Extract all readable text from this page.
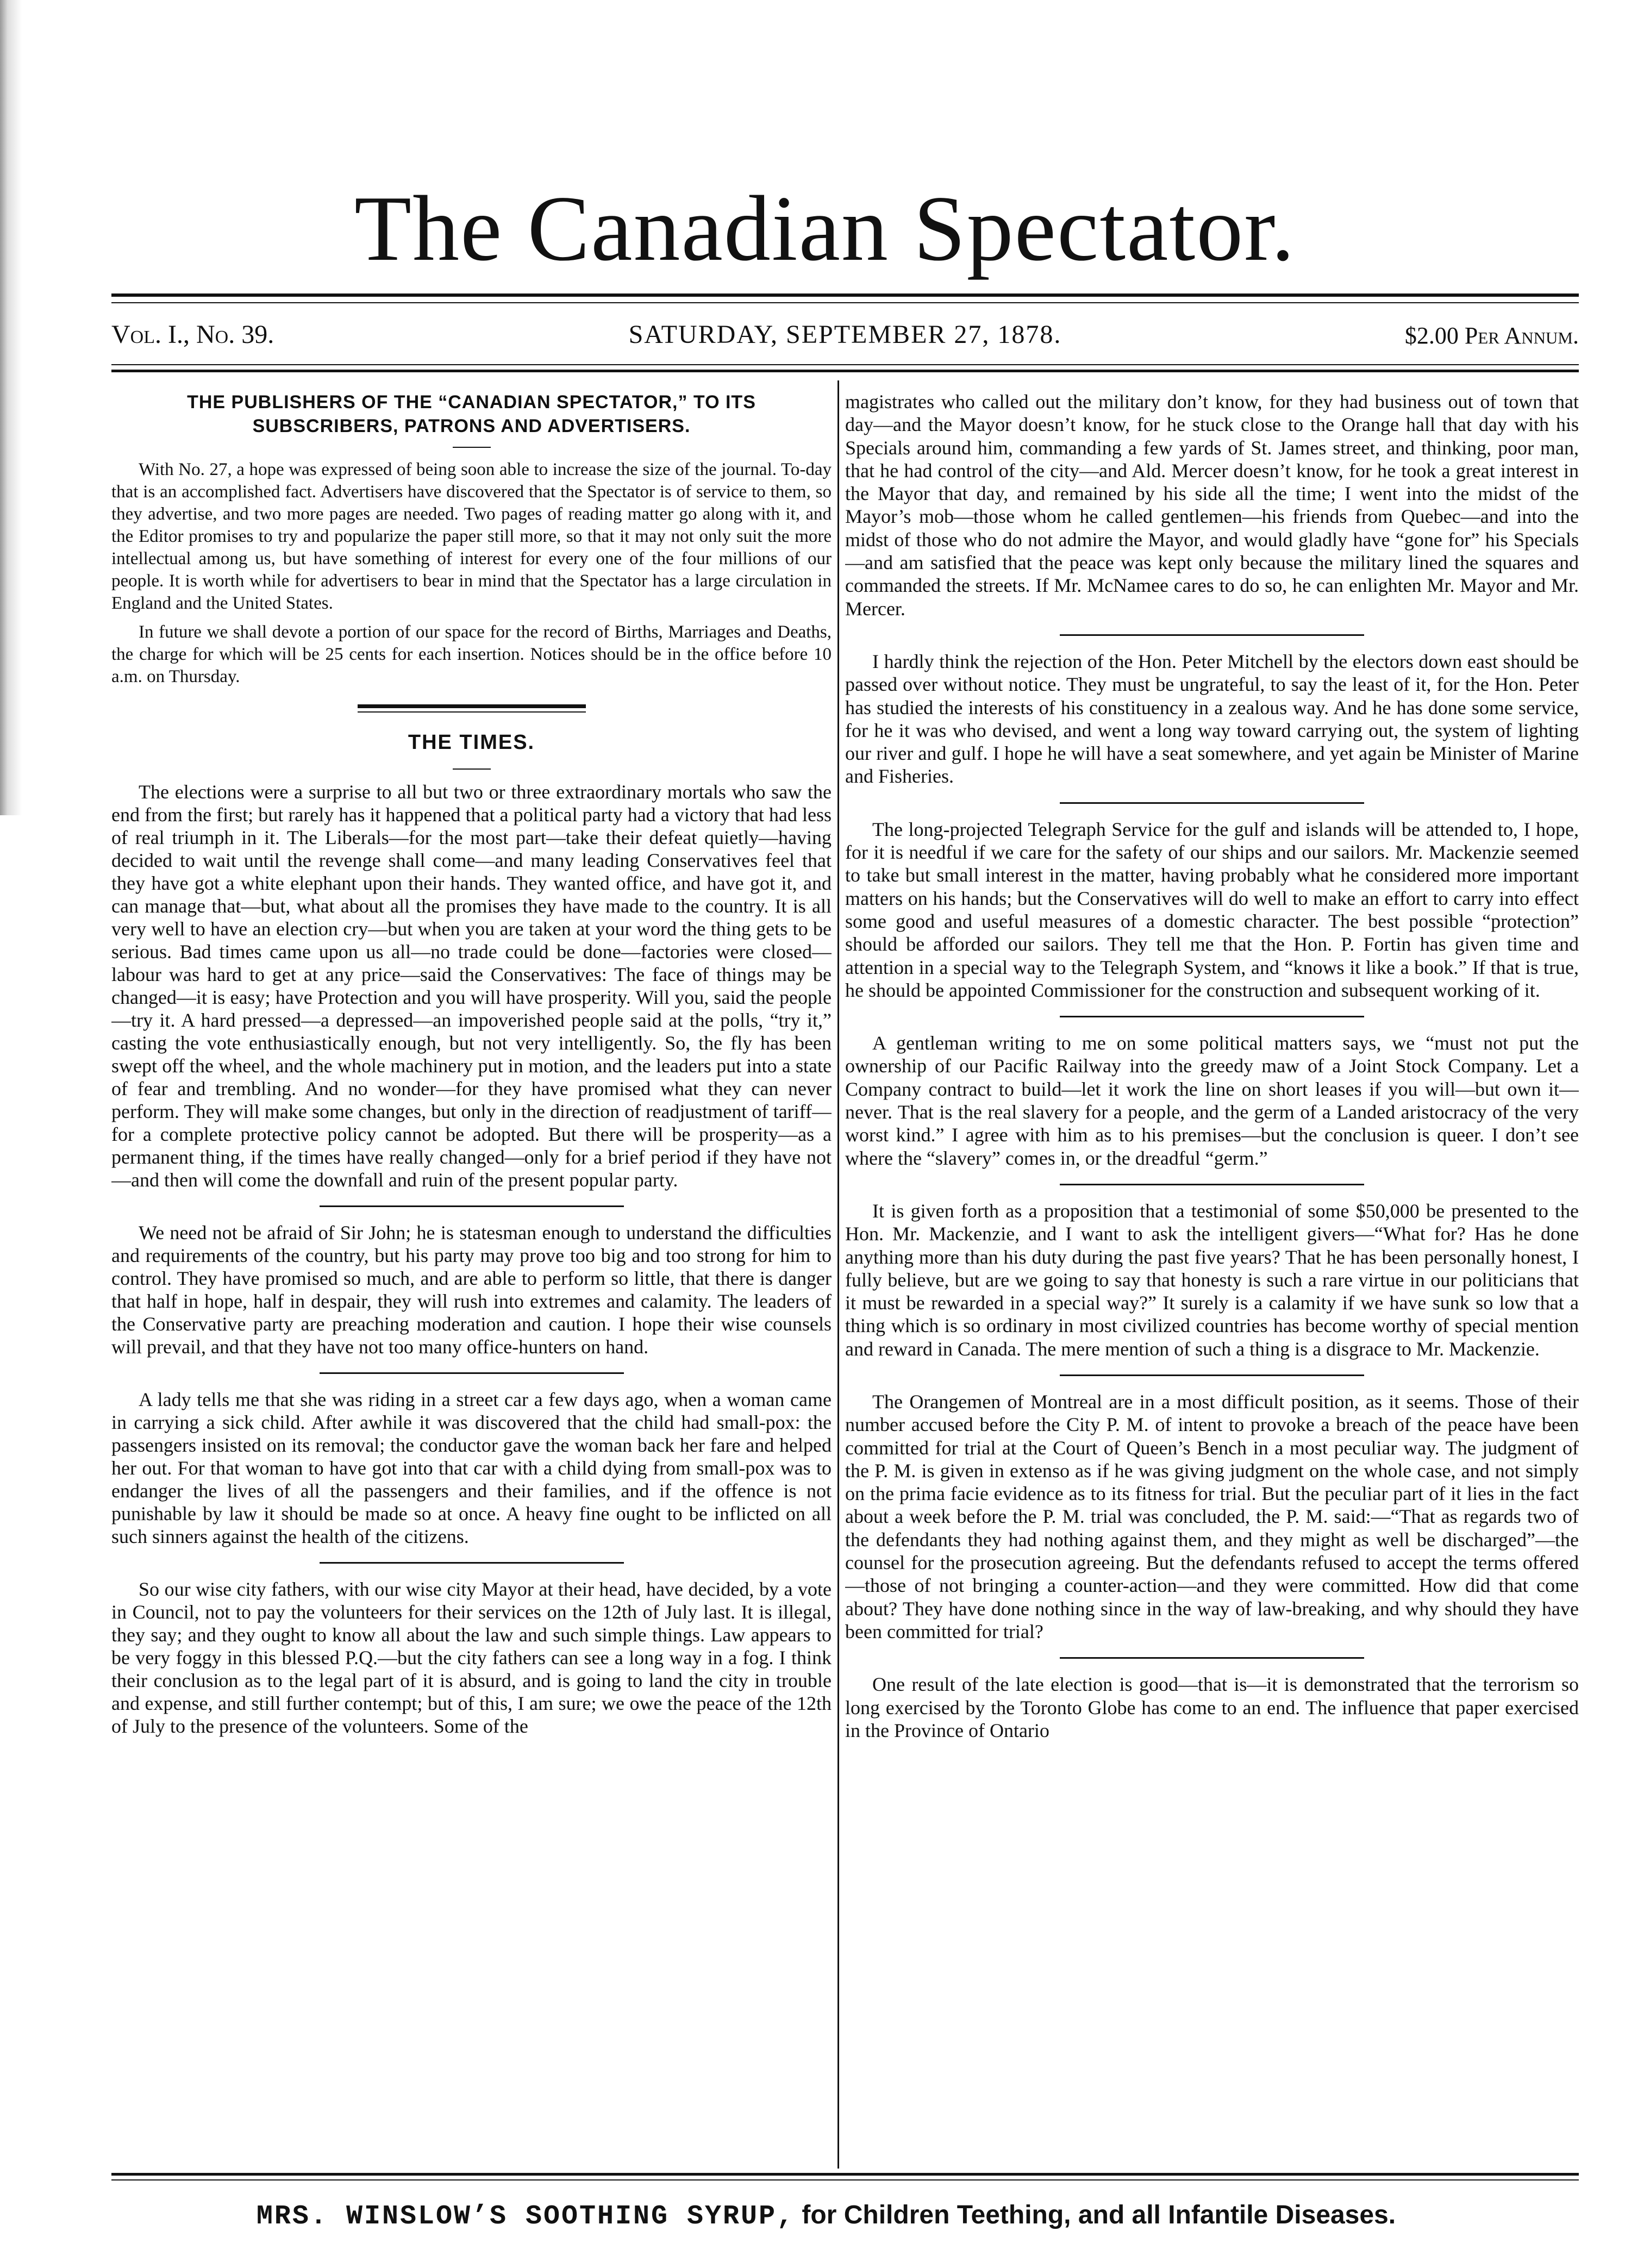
The Canadian Spectator.
Vol. I., No. 39.	SATURDAY, SEPTEMBER 27, 1878.	$2.00 Per Annum.
THE PUBLISHERS OF THE “CANADIAN SPECTATOR,” TO ITS SUBSCRIBERS, PATRONS AND ADVERTISERS.

With No. 27, a hope was expressed of being soon able to increase the size of the journal. To-day that is an accomplished fact. Advertisers have discovered that the Spectator is of service to them, so they advertise, and two more pages are needed. Two pages of reading matter go along with it, and the Editor promises to try and popularize the paper still more, so that it may not only suit the more intellectual among us, but have something of interest for every one of the four millions of our people. It is worth while for advertisers to bear in mind that the Spectator has a large circulation in England and the United States.

In future we shall devote a portion of our space for the record of Births, Marriages and Deaths, the charge for which will be 25 cents for each insertion. Notices should be in the office before 10 a.m. on Thursday.

THE TIMES.

The elections were a surprise to all but two or three extraordinary mortals who saw the end from the first; but rarely has it happened that a political party had a victory that had less of real triumph in it. The Liberals—for the most part—take their defeat quietly—having decided to wait until the revenge shall come—and many leading Conservatives feel that they have got a white elephant upon their hands. They wanted office, and have got it, and can manage that—but, what about all the promises they have made to the country. It is all very well to have an election cry—but when you are taken at your word the thing gets to be serious. Bad times came upon us all—no trade could be done—factories were closed—labour was hard to get at any price—said the Conservatives: The face of things may be changed—it is easy; have Protection and you will have prosperity. Will you, said the people—try it. A hard pressed—a depressed—an impoverished people said at the polls, “try it,” casting the vote enthusiastically enough, but not very intelligently. So, the fly has been swept off the wheel, and the whole machinery put in motion, and the leaders put into a state of fear and trembling. And no wonder—for they have promised what they can never perform. They will make some changes, but only in the direction of readjustment of tariff—for a complete protective policy cannot be adopted. But there will be prosperity—as a permanent thing, if the times have really changed—only for a brief period if they have not—and then will come the downfall and ruin of the present popular party.

We need not be afraid of Sir John; he is statesman enough to understand the difficulties and requirements of the country, but his party may prove too big and too strong for him to control. They have promised so much, and are able to perform so little, that there is danger that half in hope, half in despair, they will rush into extremes and calamity. The leaders of the Conservative party are preaching moderation and caution. I hope their wise counsels will prevail, and that they have not too many office-hunters on hand.

A lady tells me that she was riding in a street car a few days ago, when a woman came in carrying a sick child. After awhile it was discovered that the child had small-pox: the passengers insisted on its removal; the conductor gave the woman back her fare and helped her out. For that woman to have got into that car with a child dying from small-pox was to endanger the lives of all the passengers and their families, and if the offence is not punishable by law it should be made so at once. A heavy fine ought to be inflicted on all such sinners against the health of the citizens.

So our wise city fathers, with our wise city Mayor at their head, have decided, by a vote in Council, not to pay the volunteers for their services on the 12th of July last. It is illegal, they say; and they ought to know all about the law and such simple things. Law appears to be very foggy in this blessed P.Q.—but the city fathers can see a long way in a fog. I think their conclusion as to the legal part of it is absurd, and is going to land the city in trouble and expense, and still further contempt; but of this, I am sure; we owe the peace of the 12th of July to the presence of the volunteers. Some of the

magistrates who called out the military don’t know, for they had business out of town that day—and the Mayor doesn’t know, for he stuck close to the Orange hall that day with his Specials around him, commanding a few yards of St. James street, and thinking, poor man, that he had control of the city—and Ald. Mercer doesn’t know, for he took a great interest in the Mayor that day, and remained by his side all the time; I went into the midst of the Mayor’s mob—those whom he called gentlemen—his friends from Quebec—and into the midst of those who do not admire the Mayor, and would gladly have “gone for” his Specials—and am satisfied that the peace was kept only because the military lined the squares and commanded the streets. If Mr. McNamee cares to do so, he can enlighten Mr. Mayor and Mr. Mercer.

I hardly think the rejection of the Hon. Peter Mitchell by the electors down east should be passed over without notice. They must be ungrateful, to say the least of it, for the Hon. Peter has studied the interests of his constituency in a zealous way. And he has done some service, for he it was who devised, and went a long way toward carrying out, the system of lighting our river and gulf. I hope he will have a seat somewhere, and yet again be Minister of Marine and Fisheries.

The long-projected Telegraph Service for the gulf and islands will be attended to, I hope, for it is needful if we care for the safety of our ships and our sailors. Mr. Mackenzie seemed to take but small interest in the matter, having probably what he considered more important matters on his hands; but the Conservatives will do well to make an effort to carry into effect some good and useful measures of a domestic character. The best possible “protection” should be afforded our sailors. They tell me that the Hon. P. Fortin has given time and attention in a special way to the Telegraph System, and “knows it like a book.” If that is true, he should be appointed Commissioner for the construction and subsequent working of it.

A gentleman writing to me on some political matters says, we “must not put the ownership of our Pacific Railway into the greedy maw of a Joint Stock Company. Let a Company contract to build—let it work the line on short leases if you will—but own it—never. That is the real slavery for a people, and the germ of a Landed aristocracy of the very worst kind.” I agree with him as to his premises—but the conclusion is queer. I don’t see where the “slavery” comes in, or the dreadful “germ.”

It is given forth as a proposition that a testimonial of some $50,000 be presented to the Hon. Mr. Mackenzie, and I want to ask the intelligent givers—“What for? Has he done anything more than his duty during the past five years? That he has been personally honest, I fully believe, but are we going to say that honesty is such a rare virtue in our politicians that it must be rewarded in a special way?” It surely is a calamity if we have sunk so low that a thing which is so ordinary in most civilized countries has become worthy of special mention and reward in Canada. The mere mention of such a thing is a disgrace to Mr. Mackenzie.

The Orangemen of Montreal are in a most difficult position, as it seems. Those of their number accused before the City P. M. of intent to provoke a breach of the peace have been committed for trial at the Court of Queen’s Bench in a most peculiar way. The judgment of the P. M. is given in extenso as if he was giving judgment on the whole case, and not simply on the prima facie evidence as to its fitness for trial. But the peculiar part of it lies in the fact about a week before the P. M. trial was concluded, the P. M. said:—“That as regards two of the defendants they had nothing against them, and they might as well be discharged”—the counsel for the prosecution agreeing. But the defendants refused to accept the terms offered—those of not bringing a counter-action—and they were committed. How did that come about? They have done nothing since in the way of law-breaking, and why should they have been committed for trial?

One result of the late election is good—that is—it is demonstrated that the terrorism so long exercised by the Toronto Globe has come to an end. The influence that paper exercised in the Province of Ontario

MRS. WINSLOW’S SOOTHING SYRUP, for Children Teething, and all Infantile Diseases.
